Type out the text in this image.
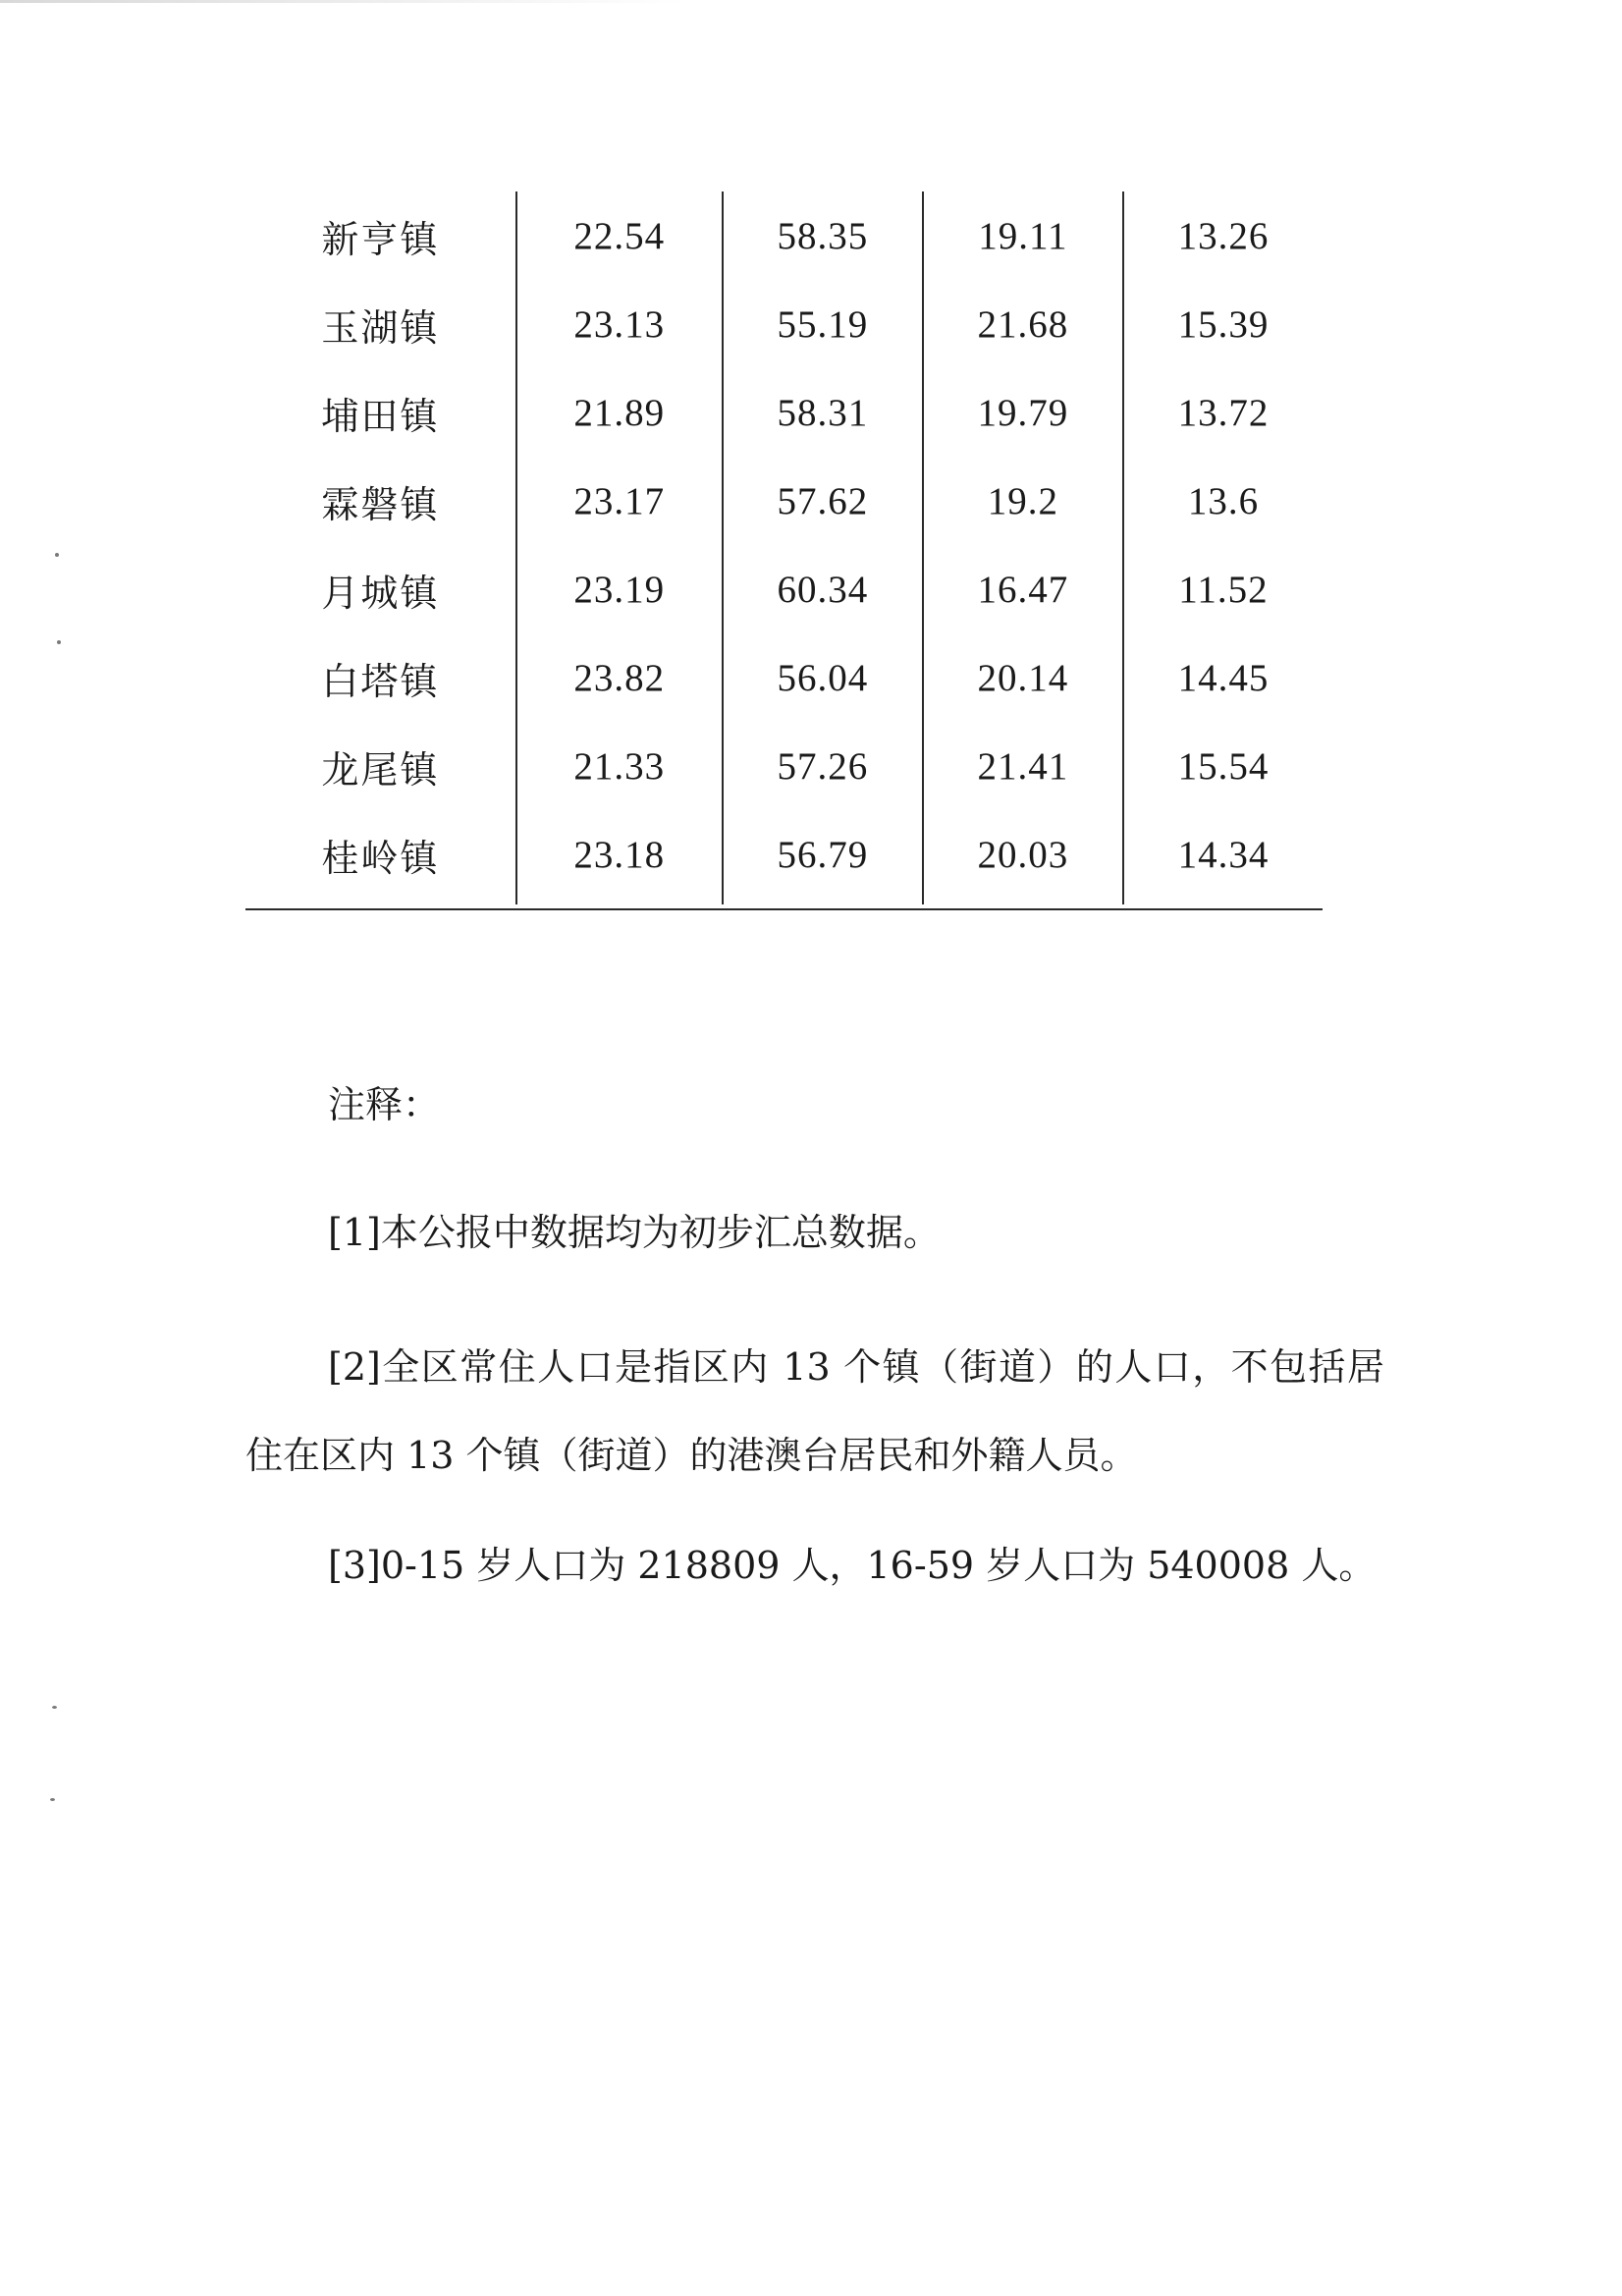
新亨镇	22.54	58.35	19.11	13.26
玉湖镇	23.13	55.19	21.68	15.39
埔田镇	21.89	58.31	19.79	13.72
霖磐镇	23.17	57.62	19.2	13.6
月城镇	23.19	60.34	16.47	11.52
白塔镇	23.82	56.04	20.14	14.45
龙尾镇	21.33	57.26	21.41	15.54
桂岭镇	23.18	56.79	20.03	14.34
注释：

[1]本公报中数据均为初步汇总数据。

[2]全区常住人口是指区内 13 个镇（街道）的人口，不包括居住在区内 13 个镇（街道）的港澳台居民和外籍人员。

[3]0-15 岁人口为 218809 人，16-59 岁人口为 540008 人。
